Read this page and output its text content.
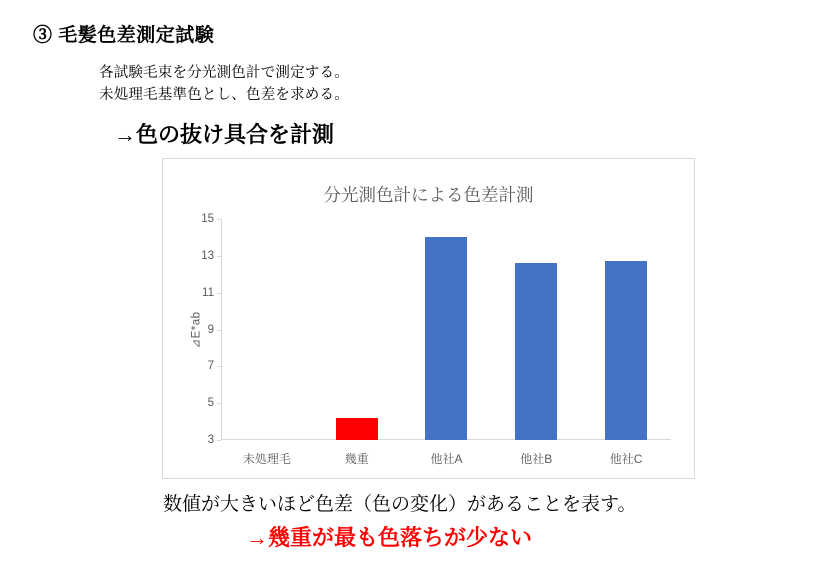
③ 毛髪色差測定試験
各試験毛束を分光測色計で測定する。
未処理毛基準色とし、色差を求める。
→色の抜け具合を計測
分光測色計による色差計測
⊿E*ab
3
5
7
9
11
13
15
未処理毛	幾重	他社A	他社B	他社C
数値が大きいほど色差（色の変化）があることを表す。
→幾重が最も色落ちが少ない
